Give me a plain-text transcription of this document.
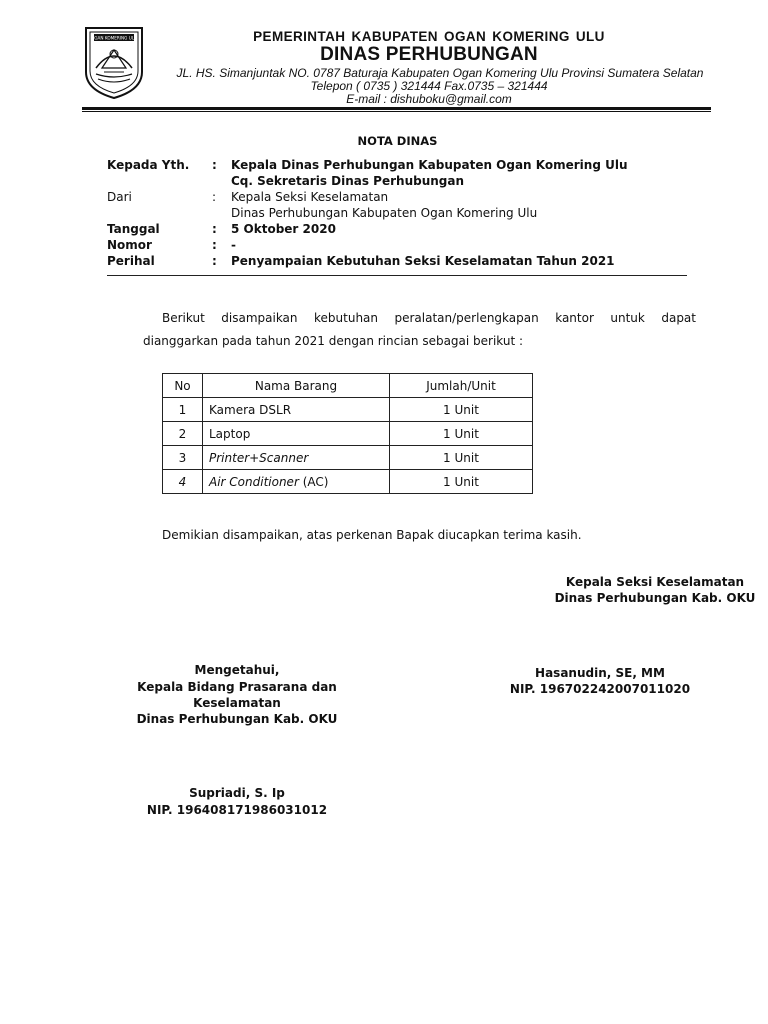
OGAN KOMERING ULU	PEMERINTAH KABUPATEN OGAN KOMERING ULU
DINAS PERHUBUNGAN
JL. HS. Simanjuntak NO. 0787 Baturaja Kabupaten Ogan Komering Ulu Provinsi Sumatera Selatan
Telepon ( 0735 ) 321444 Fax.0735 – 321444
E-mail : dishuboku@gmail.com
NOTA DINAS
Kepada Yth. : Kepala Dinas Perhubungan Kabupaten Ogan Komering Ulu
Cq. Sekretaris Dinas Perhubungan
Dari	: Kepala Seksi Keselamatan
Dinas Perhubungan Kabupaten Ogan Komering Ulu
Tanggal	: 5 Oktober 2020
Nomor	: -
Perihal	: Penyampaian Kebutuhan Seksi Keselamatan Tahun 2021
Berikut disampaikan kebutuhan peralatan/perlengkapan kantor untuk dapat
dianggarkan pada tahun 2021 dengan rincian sebagai berikut :
No	Nama Barang	Jumlah/Unit
1	Kamera DSLR	1 Unit
2	Laptop	1 Unit
3	Printer+Scanner	1 Unit
4	Air Conditioner (AC)	1 Unit
Demikian disampaikan, atas perkenan Bapak diucapkan terima kasih.
Kepala Seksi Keselamatan
Dinas Perhubungan Kab. OKU
Hasanudin, SE, MM
NIP. 196702242007011020
Mengetahui,
Kepala Bidang Prasarana dan
Keselamatan
Dinas Perhubungan Kab. OKU
Supriadi, S. Ip
NIP. 196408171986031012
